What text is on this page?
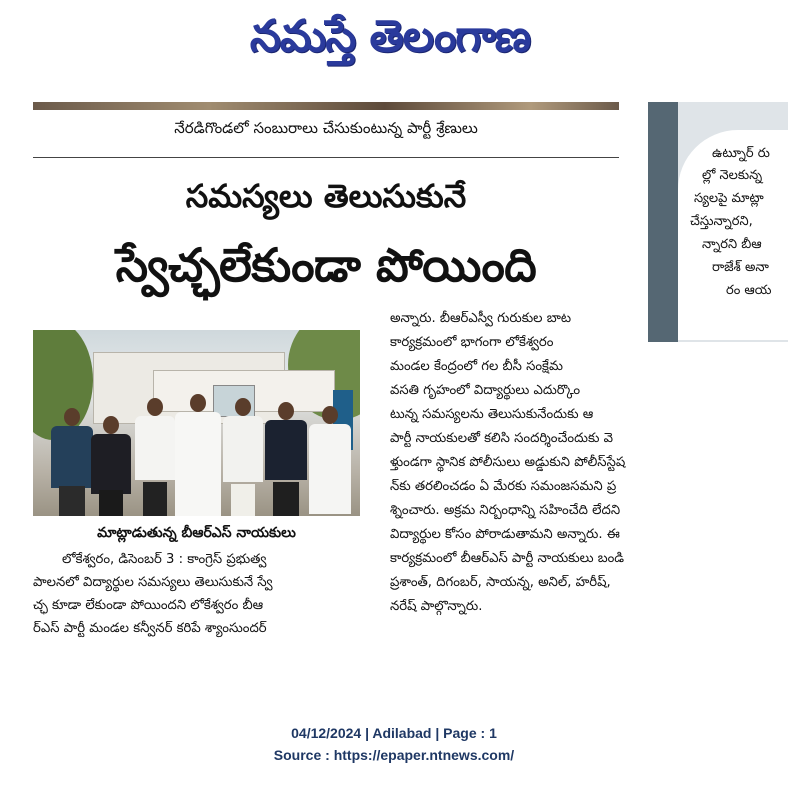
నమస్తే తెలంగాణ
నేరడిగొండలో సంబురాలు చేసుకుంటున్న పార్టీ శ్రేణులు
సమస్యలు తెలుసుకునే
స్వేచ్ఛలేకుండా పోయింది
మాట్లాడుతున్న బీఆర్ఎస్ నాయకులు
లోకేశ్వరం, డిసెంబర్ 3 : కాంగ్రెస్ ప్రభుత్వ
పాలనలో విద్యార్థుల సమస్యలు తెలుసుకునే స్వే
చ్ఛ కూడా లేకుండా పోయిందని లోకేశ్వరం బీఆ
ర్ఎస్ పార్టీ మండల కన్వీనర్ కరిపే శ్యాంసుందర్
అన్నారు. బీఆర్ఎస్వీ గురుకుల బాట
కార్యక్రమంలో భాగంగా లోకేశ్వరం
మండల కేంద్రంలో గల బీసీ సంక్షేమ
వసతి గృహంలో విద్యార్థులు ఎదుర్కొం
టున్న సమస్యలను తెలుసుకునేందుకు ఆ
పార్టీ నాయకులతో కలిసి సందర్శించేందుకు వె
ళ్తుండగా స్థానిక పోలీసులు అడ్డుకుని పోలీస్‌స్టేష
న్‌కు తరలించడం ఏ మేరకు సమంజసమని ప్ర
శ్నించారు. అక్రమ నిర్బంధాన్ని సహించేది లేదని
విద్యార్థుల కోసం పోరాడుతామని అన్నారు. ఈ
కార్యక్రమంలో బీఆర్ఎస్ పార్టీ నాయకులు బండి
ప్రశాంత్, దిగంబర్, సాయన్న, అనిల్, హరీష్,
నరేష్ పాల్గొన్నారు.
ఉట్నూర్ రు
ల్లో నెలకున్న
స్యలపై మాట్లా
చేస్తున్నారని,
న్నారని బీఆ
రాజేశ్ అనా
రం ఆయ
04/12/2024 | Adilabad | Page : 1
Source : https://epaper.ntnews.com/
